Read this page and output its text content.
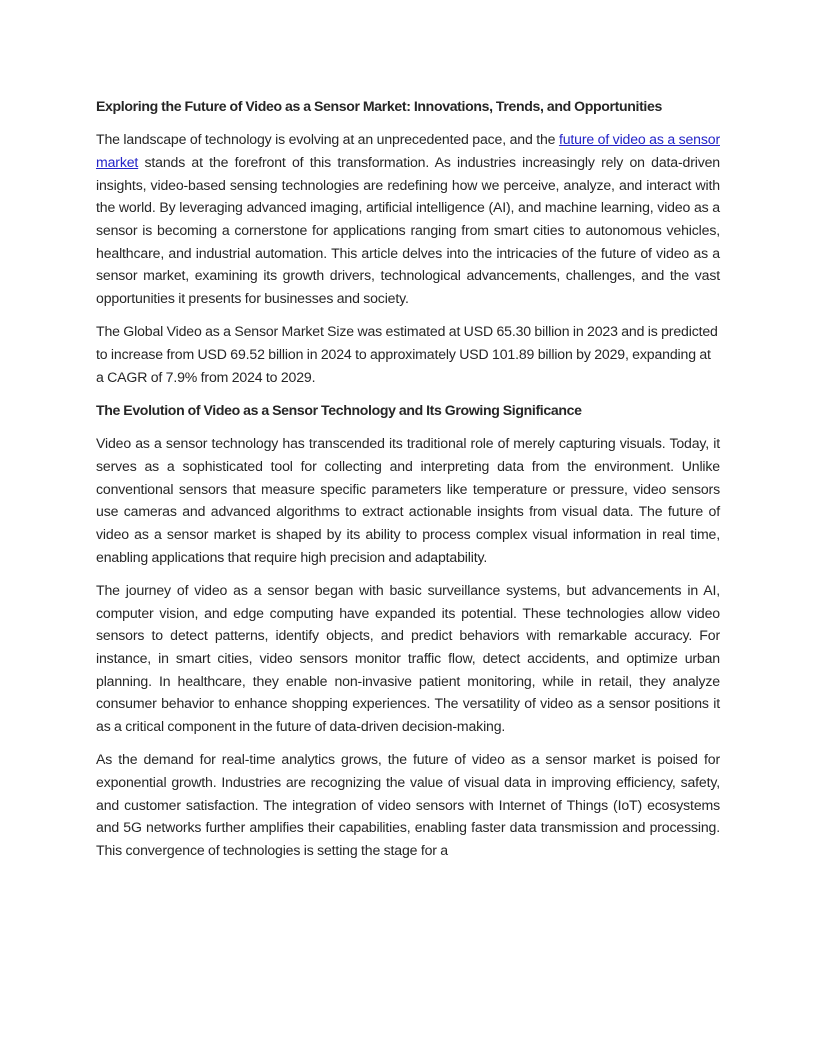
Exploring the Future of Video as a Sensor Market: Innovations, Trends, and Opportunities

The landscape of technology is evolving at an unprecedented pace, and the future of video as a sensor market stands at the forefront of this transformation. As industries increasingly rely on data-driven insights, video-based sensing technologies are redefining how we perceive, analyze, and interact with the world. By leveraging advanced imaging, artificial intelligence (AI), and machine learning, video as a sensor is becoming a cornerstone for applications ranging from smart cities to autonomous vehicles, healthcare, and industrial automation. This article delves into the intricacies of the future of video as a sensor market, examining its growth drivers, technological advancements, challenges, and the vast opportunities it presents for businesses and society.

The Global Video as a Sensor Market Size was estimated at USD 65.30 billion in 2023 and is predicted to increase from USD 69.52 billion in 2024 to approximately USD 101.89 billion by 2029, expanding at a CAGR of 7.9% from 2024 to 2029.

The Evolution of Video as a Sensor Technology and Its Growing Significance

Video as a sensor technology has transcended its traditional role of merely capturing visuals. Today, it serves as a sophisticated tool for collecting and interpreting data from the environment. Unlike conventional sensors that measure specific parameters like temperature or pressure, video sensors use cameras and advanced algorithms to extract actionable insights from visual data. The future of video as a sensor market is shaped by its ability to process complex visual information in real time, enabling applications that require high precision and adaptability.

The journey of video as a sensor began with basic surveillance systems, but advancements in AI, computer vision, and edge computing have expanded its potential. These technologies allow video sensors to detect patterns, identify objects, and predict behaviors with remarkable accuracy. For instance, in smart cities, video sensors monitor traffic flow, detect accidents, and optimize urban planning. In healthcare, they enable non-invasive patient monitoring, while in retail, they analyze consumer behavior to enhance shopping experiences. The versatility of video as a sensor positions it as a critical component in the future of data-driven decision-making.

As the demand for real-time analytics grows, the future of video as a sensor market is poised for exponential growth. Industries are recognizing the value of visual data in improving efficiency, safety, and customer satisfaction. The integration of video sensors with Internet of Things (IoT) ecosystems and 5G networks further amplifies their capabilities, enabling faster data transmission and processing. This convergence of technologies is setting the stage for a
